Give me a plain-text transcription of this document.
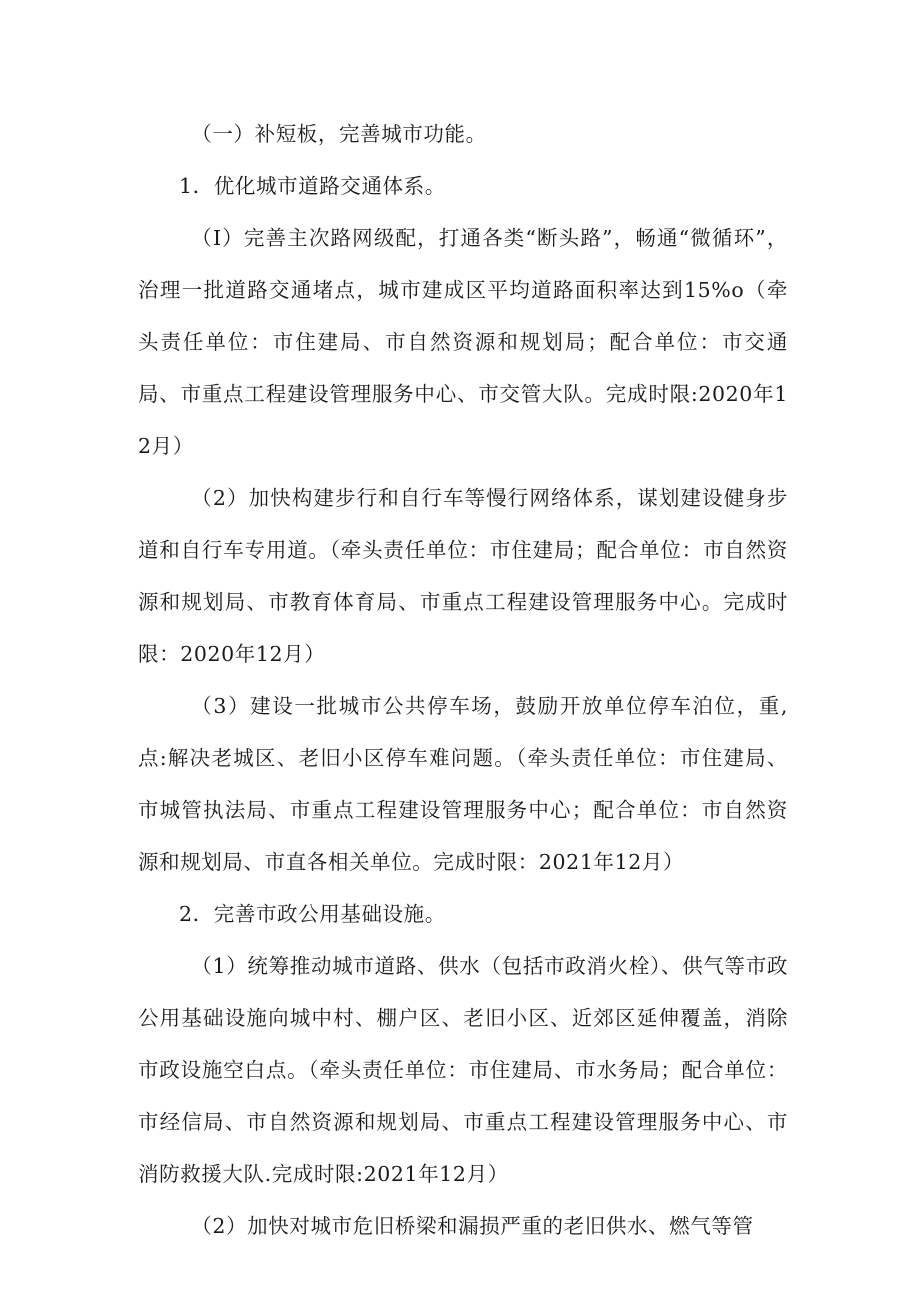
（一）补短板，完善城市功能。

1．优化城市道路交通体系。

（I）完善主次路网级配，打通各类“断头路”，畅通“微循环”，治理一批道路交通堵点，城市建成区平均道路面积率达到15%o（牵头责任单位：市住建局、市自然资源和规划局；配合单位：市交通局、市重点工程建设管理服务中心、市交管大队。完成时限:2020年12月）

（2）加快构建步行和自行车等慢行网络体系，谋划建设健身步道和自行车专用道。（牵头责任单位：市住建局；配合单位：市自然资源和规划局、市教育体育局、市重点工程建设管理服务中心。完成时限：2020年12月）

（3）建设一批城市公共停车场，鼓励开放单位停车泊位，重,点:解决老城区、老旧小区停车难问题。（牵头责任单位：市住建局、市城管执法局、市重点工程建设管理服务中心；配合单位：市自然资源和规划局、市直各相关单位。完成时限：2021年12月）

2．完善市政公用基础设施。

（1）统筹推动城市道路、供水（包括市政消火栓）、供气等市政公用基础设施向城中村、棚户区、老旧小区、近郊区延伸覆盖，消除市政设施空白点。（牵头责任单位：市住建局、市水务局；配合单位：市经信局、市自然资源和规划局、市重点工程建设管理服务中心、市消防救援大队.完成时限:2021年12月）

（2）加快对城市危旧桥梁和漏损严重的老旧供水、燃气等管
